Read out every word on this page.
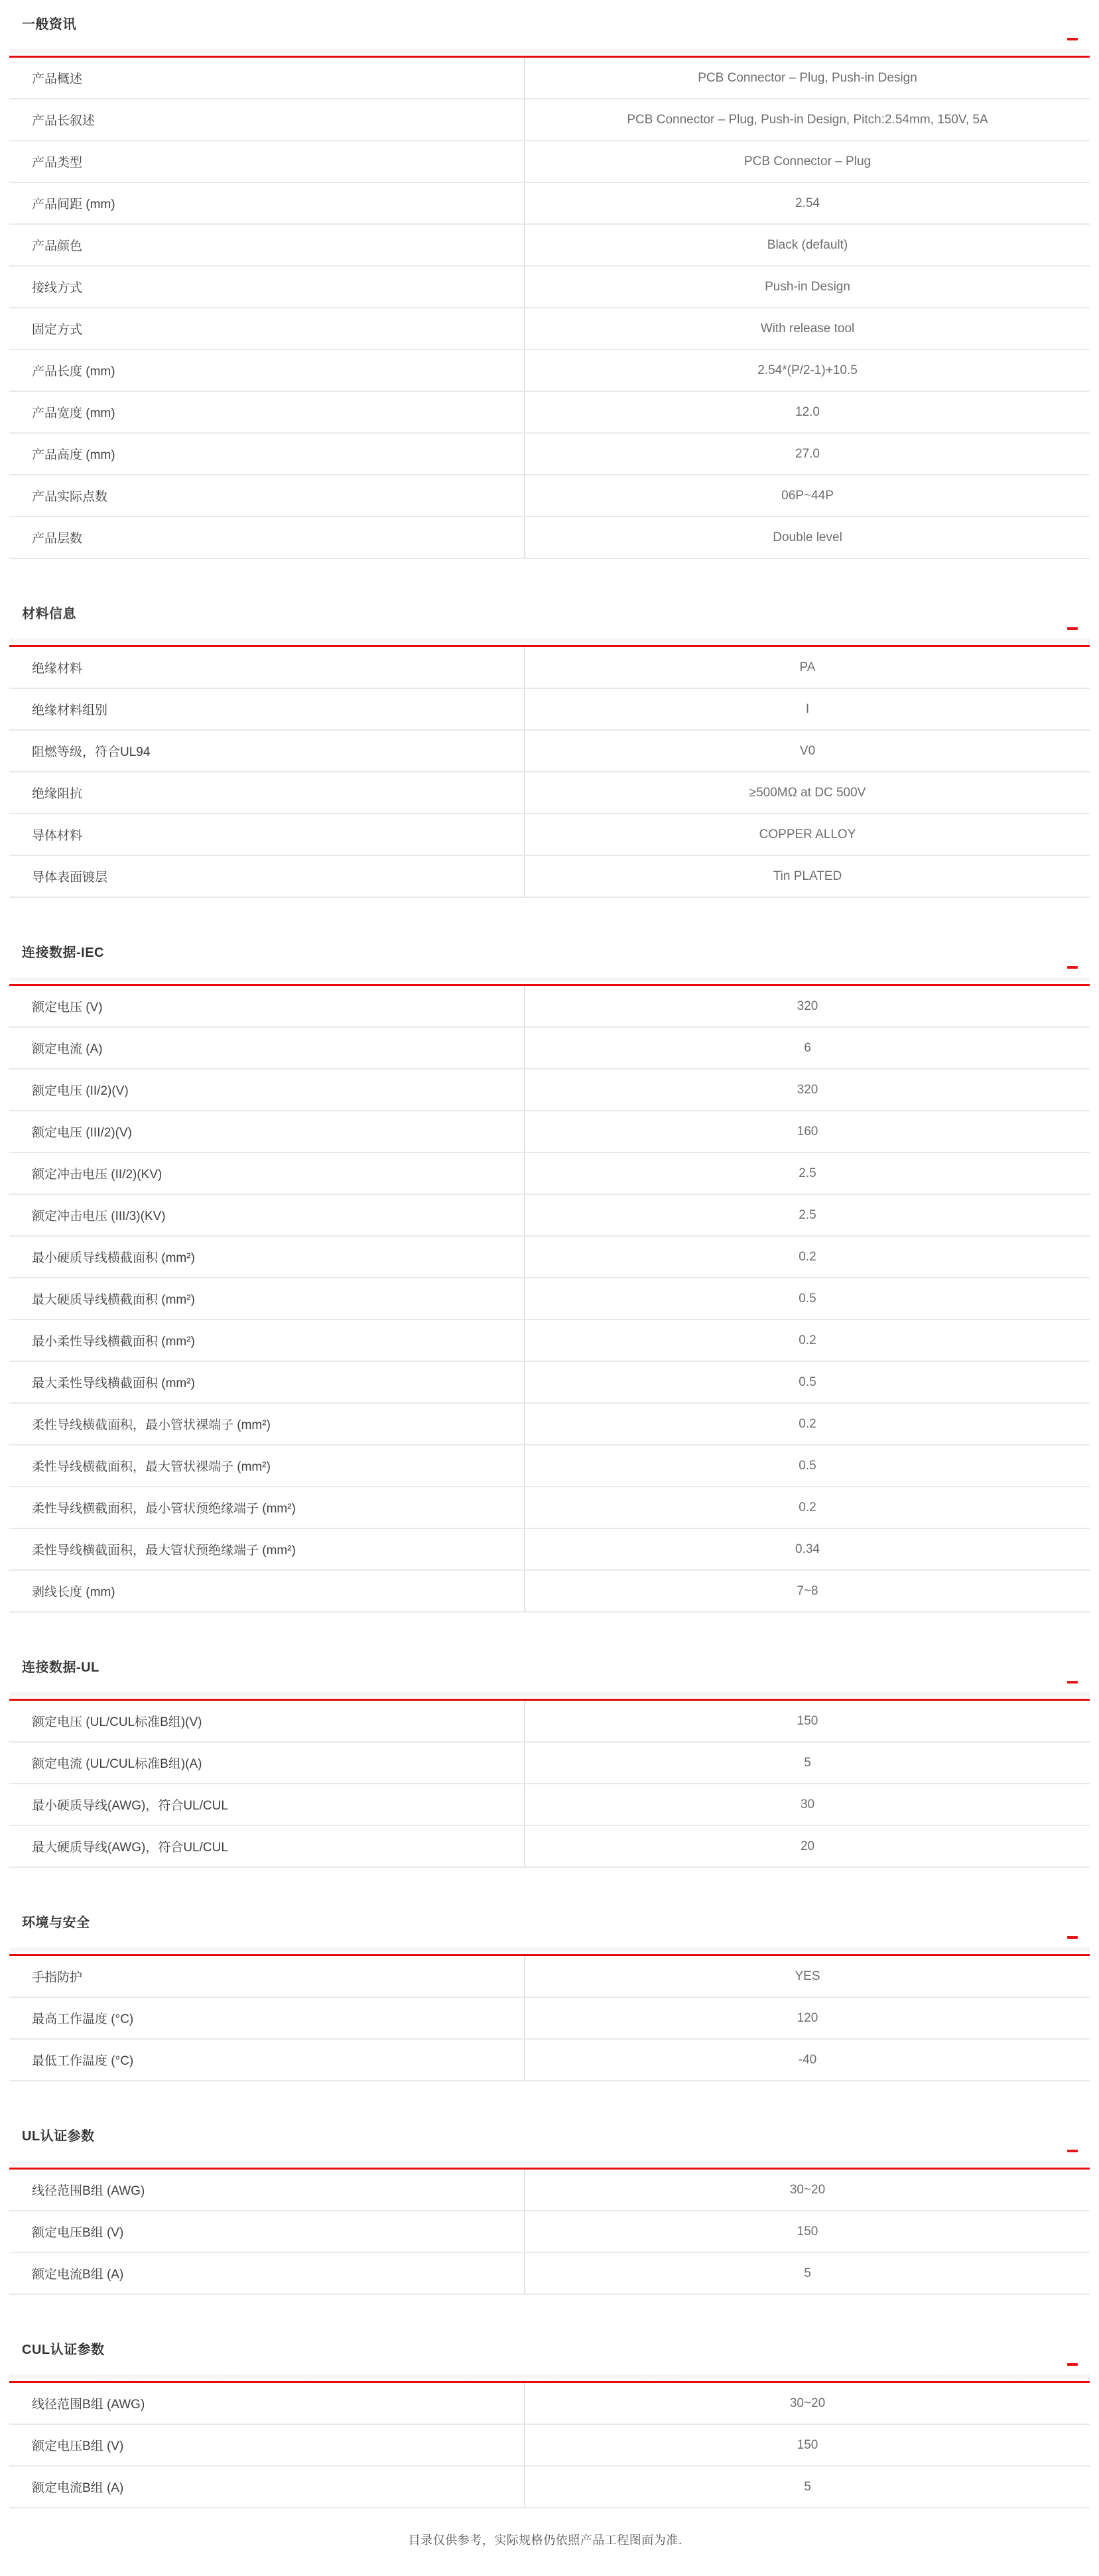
一般资讯
产品概述	PCB Connector – Plug, Push-in Design
产品长叙述	PCB Connector – Plug, Push-in Design, Pitch:2.54mm, 150V, 5A
产品类型	PCB Connector – Plug
产品间距 (mm)	2.54
产品颜色	Black (default)
接线方式	Push-in Design
固定方式	With release tool
产品长度 (mm)	2.54*(P/2-1)+10.5
产品宽度 (mm)	12.0
产品高度 (mm)	27.0
产品实际点数	06P~44P
产品层数	Double level
材料信息
绝缘材料	PA
绝缘材料组别	I
阻燃等级，符合UL94	V0
绝缘阻抗	≥500MΩ at DC 500V
导体材料	COPPER ALLOY
导体表面镀层	Tin PLATED
连接数据-IEC
额定电压 (V)	320
额定电流 (A)	6
额定电压 (II/2)(V)	320
额定电压 (III/2)(V)	160
额定冲击电压 (II/2)(KV)	2.5
额定冲击电压 (III/3)(KV)	2.5
最小硬质导线横截面积 (mm²)	0.2
最大硬质导线横截面积 (mm²)	0.5
最小柔性导线横截面积 (mm²)	0.2
最大柔性导线横截面积 (mm²)	0.5
柔性导线横截面积，最小管状裸端子 (mm²)	0.2
柔性导线横截面积，最大管状裸端子 (mm²)	0.5
柔性导线横截面积，最小管状预绝缘端子 (mm²)	0.2
柔性导线横截面积，最大管状预绝缘端子 (mm²)	0.34
剥线长度 (mm)	7~8
连接数据-UL
额定电压 (UL/CUL标准B组)(V)	150
额定电流 (UL/CUL标准B组)(A)	5
最小硬质导线(AWG)，符合UL/CUL	30
最大硬质导线(AWG)，符合UL/CUL	20
环境与安全
手指防护	YES
最高工作温度 (°C)	120
最低工作温度 (°C)	-40
UL认证参数
线径范围B组 (AWG)	30~20
额定电压B组 (V)	150
额定电流B组 (A)	5
CUL认证参数
线径范围B组 (AWG)	30~20
额定电压B组 (V)	150
额定电流B组 (A)	5
目录仅供参考，实际规格仍依照产品工程图面为准．
